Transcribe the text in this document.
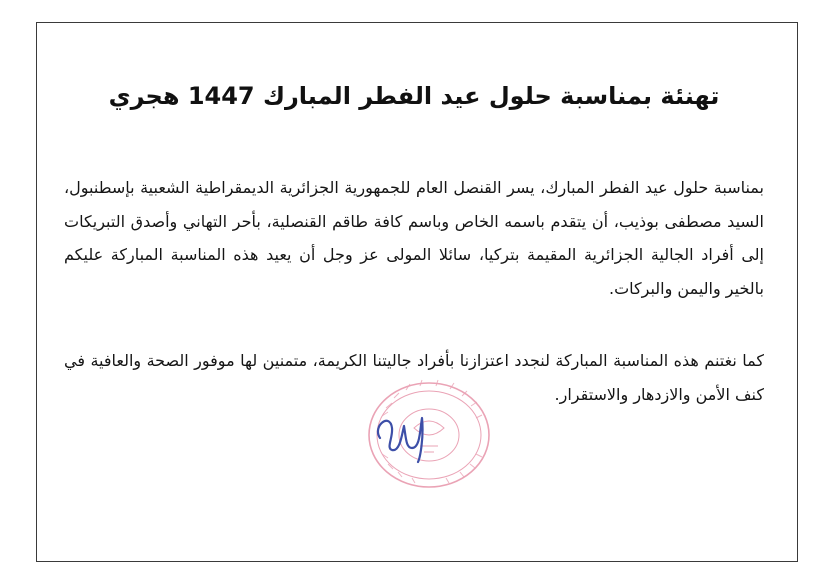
تهنئة بمناسبة حلول عيد الفطر المبارك 1447 هجري
بمناسبة حلول عيد الفطر المبارك، يسر القنصل العام للجمهورية الجزائرية الديمقراطية الشعبية بإسطنبول، السيد مصطفى بوذيب، أن يتقدم باسمه الخاص وباسم كافة طاقم القنصلية، بأحر التهاني وأصدق التبريكات إلى أفراد الجالية الجزائرية المقيمة بتركيا، سائلا المولى عز وجل أن يعيد هذه المناسبة المباركة عليكم بالخير واليمن والبركات.
كما نغتنم هذه المناسبة المباركة لنجدد اعتزازنا بأفراد جاليتنا الكريمة، متمنين لها موفور الصحة والعافية في كنف الأمن والازدهار والاستقرار.
